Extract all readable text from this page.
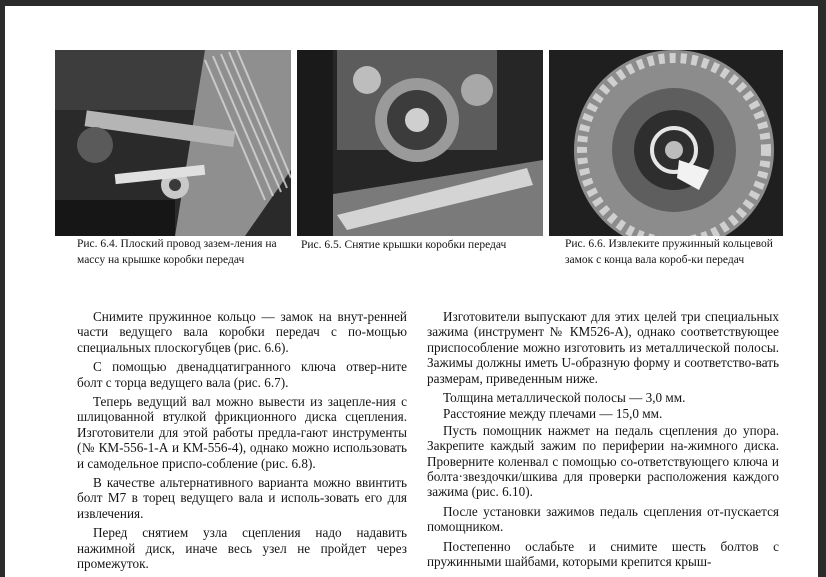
Рис. 6.4. Плоский провод зазем-ления на массу на крышке коробки передач

Рис. 6.5. Снятие крышки коробки передач	Рис. 6.6. Извлеките пружинный кольцевой замок с конца вала короб-ки передач

Снимите пружинное кольцо — замок на внут-ренней части ведущего вала коробки передач с по-мощью специальных плоскогубцев (рис. 6.6).

С помощью двенадцатигранного ключа отвер-ните болт с торца ведущего вала (рис. 6.7).

Теперь ведущий вал можно вывести из зацепле-ния с шлицованной втулкой фрикционного диска сцепления. Изготовители для этой работы предла-гают инструменты (№ КМ-556-1-А и КМ-556-4), однако можно использовать и самодельное приспо-собление (рис. 6.8).

В качестве альтернативного варианта можно ввинтить болт М7 в торец ведущего вала и исполь-зовать его для извлечения.

Перед снятием узла сцепления надо надавить нажимной диск, иначе весь узел не пройдет через промежуток.

Изготовители выпускают для этих целей три специальных зажима (инструмент № КМ526-А), однако соответствующее приспособление можно изготовить из металлической полосы. Зажимы должны иметь U-образную форму и соответство-вать размерам, приведенным ниже.

Толщина металлической полосы — 3,0 мм.

Расстояние между плечами — 15,0 мм.

Пусть помощник нажмет на педаль сцепления до упора. Закрепите каждый зажим по периферии на-жимного диска. Проверните коленвал с помощью со-ответствующего ключа и болта·звездочки/шкива для проверки расположения каждого зажима (рис. 6.10).

После установки зажимов педаль сцепления от-пускается помощником.

Постепенно ослабьте и снимите шесть болтов с пружинными шайбами, которыми крепится крыш-
